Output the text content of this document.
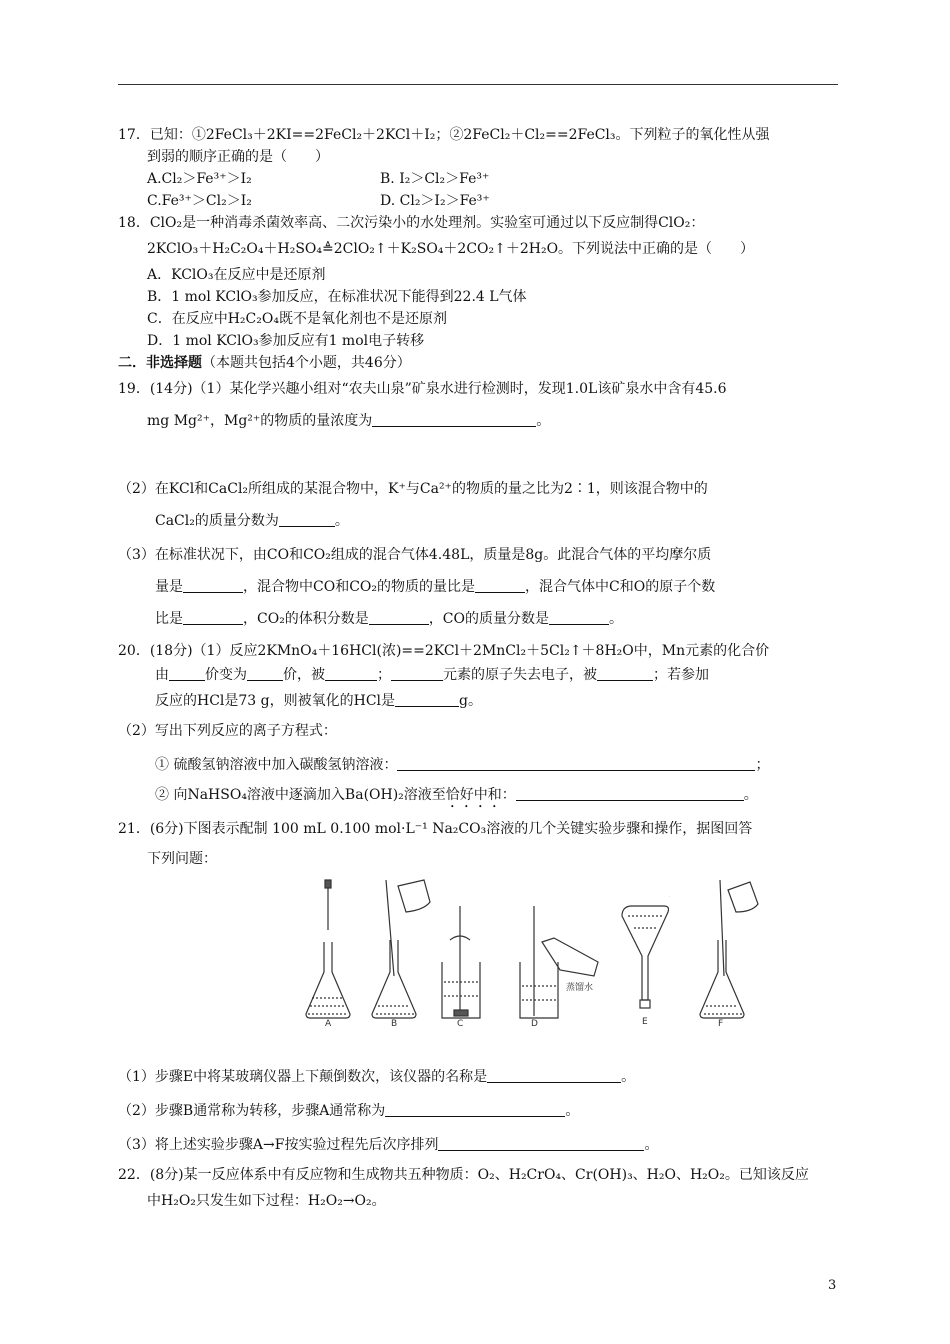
17．已知：①2FeCl₃＋2KI==2FeCl₂＋2KCl＋I₂；②2FeCl₂＋Cl₂==2FeCl₃。下列粒子的氧化性从强
到弱的顺序正确的是（　　）
A.Cl₂＞Fe³⁺＞I₂	B. I₂＞Cl₂＞Fe³⁺
C.Fe³⁺＞Cl₂＞I₂	D. Cl₂＞I₂＞Fe³⁺
18．ClO₂是一种消毒杀菌效率高、二次污染小的水处理剂。实验室可通过以下反应制得ClO₂：
2KClO₃＋H₂C₂O₄＋H₂SO₄≜2ClO₂↑＋K₂SO₄＋2CO₂↑＋2H₂O。下列说法中正确的是（　　）
A．KClO₃在反应中是还原剂
B．1 mol KClO₃参加反应，在标准状况下能得到22.4 L气体
C．在反应中H₂C₂O₄既不是氧化剂也不是还原剂
D．1 mol KClO₃参加反应有1 mol电子转移
二．非选择题（本题共包括4个小题，共46分）
19．(14分)（1）某化学兴趣小组对“农夫山泉”矿泉水进行检测时，发现1.0L该矿泉水中含有45.6
mg Mg²⁺，Mg²⁺的物质的量浓度为	。
（2）在KCl和CaCl₂所组成的某混合物中，K⁺与Ca²⁺的物质的量之比为2∶1，则该混合物中的
CaCl₂的质量分数为	。
（3）在标准状况下，由CO和CO₂组成的混合气体4.48L，质量是8g。此混合气体的平均摩尔质
量是	，混合物中CO和CO₂的物质的量比是	，混合气体中C和O的原子个数
比是	，CO₂的体积分数是	，CO的质量分数是	。
20．(18分)（1）反应2KMnO₄＋16HCl(浓)==2KCl＋2MnCl₂＋5Cl₂↑＋8H₂O中，Mn元素的化合价
由	价变为	价，被	；	元素的原子失去电子，被	；若参加
反应的HCl是73 g，则被氧化的HCl是	g。
（2）写出下列反应的离子方程式：
① 硫酸氢钠溶液中加入碳酸氢钠溶液：	；
② 向NaHSO₄溶液中逐滴加入Ba(OH)₂溶液至恰好中和：	。
21．(6分)下图表示配制 100 mL 0.100 mol·L⁻¹ Na₂CO₃溶液的几个关键实验步骤和操作，据图回答
下列问题：
A	B	C	D	E
蒸馏水
F
（1）步骤E中将某玻璃仪器上下颠倒数次，该仪器的名称是	。
（2）步骤B通常称为转移，步骤A通常称为	。
（3）将上述实验步骤A→F按实验过程先后次序排列	。
22．(8分)某一反应体系中有反应物和生成物共五种物质：O₂、H₂CrO₄、Cr(OH)₃、H₂O、H₂O₂。已知该反应
中H₂O₂只发生如下过程：H₂O₂→O₂。
3
